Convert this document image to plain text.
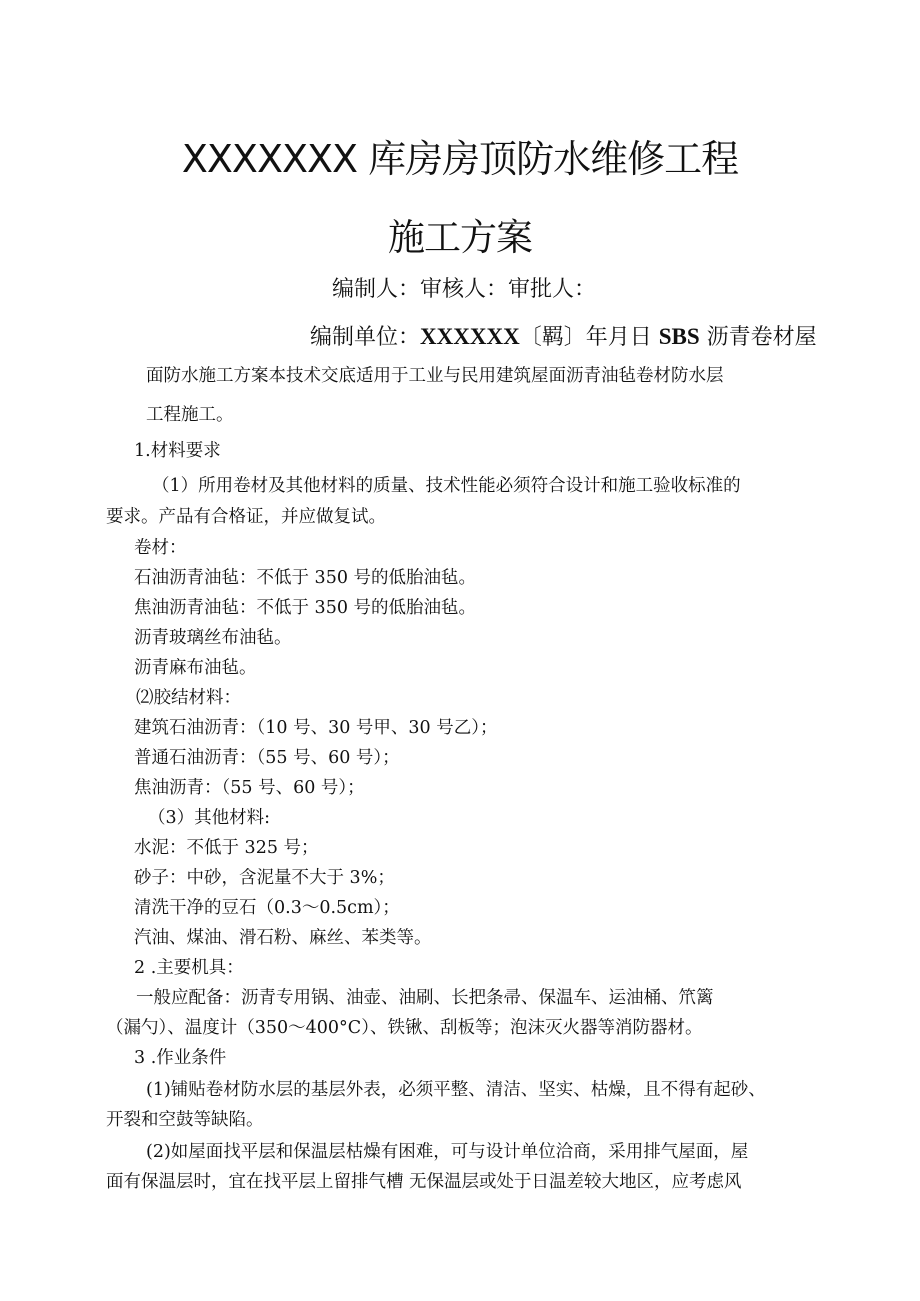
XXXXXXX 库房房顶防水维修工程
施工方案
编制人：审核人：审批人：
编制单位：XXXXXX〔羁〕年月日 SBS 沥青卷材屋
面防水施工方案本技术交底适用于工业与民用建筑屋面沥青油毡卷材防水层
工程施工。
1.材料要求
（1）所用卷材及其他材料的质量、技术性能必须符合设计和施工验收标准的
要求。产品有合格证，并应做复试。
卷材：
石油沥青油毡：不低于 350 号的低胎油毡。
焦油沥青油毡：不低于 350 号的低胎油毡。
沥青玻璃丝布油毡。
沥青麻布油毡。
⑵胶结材料：
建筑石油沥青：（10 号、30 号甲、30 号乙）；
普通石油沥青：（55 号、60 号）；
焦油沥青：（55 号、60 号）；
（3）其他材料:
水泥：不低于 325 号；
砂子：中砂，含泥量不大于 3%；
清洗干净的豆石（0.3～0.5cm）；
汽油、煤油、滑石粉、麻丝、苯类等。
2 .主要机具：
一般应配备：沥青专用锅、油壶、油刷、长把条帚、保温车、运油桶、笊篱
（漏勺）、温度计（350～400°C）、铁锹、刮板等；泡沫灭火器等消防器材。
3 .作业条件
(1)铺贴卷材防水层的基层外表，必须平整、清洁、坚实、枯燥，且不得有起砂、
开裂和空鼓等缺陷。
(2)如屋面找平层和保温层枯燥有困难，可与设计单位洽商，采用排气屋面，屋
面有保温层时，宜在找平层上留排气槽 无保温层或处于日温差较大地区，应考虑风
